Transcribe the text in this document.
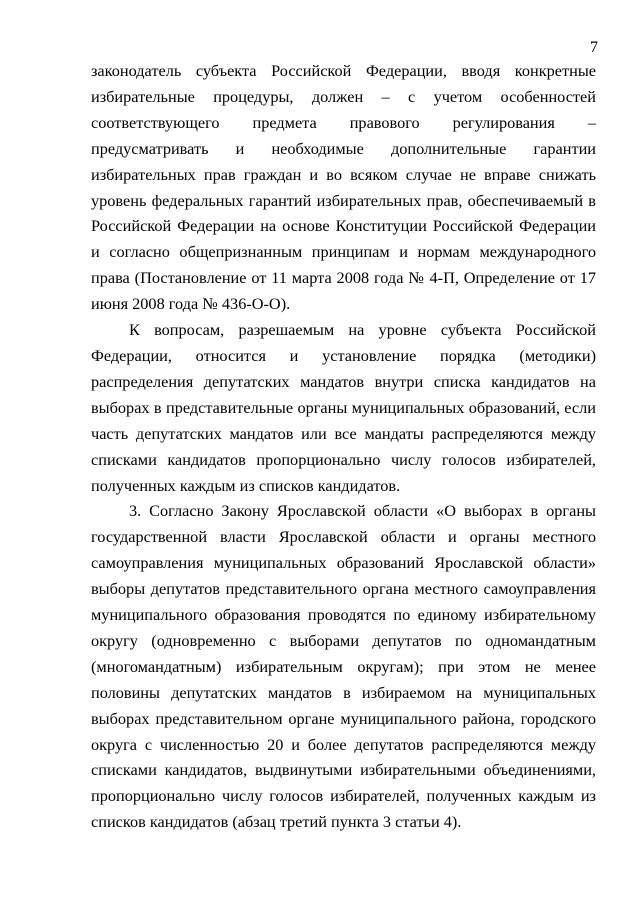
7

законодатель субъекта Российской Федерации, вводя конкретные избирательные процедуры, должен – с учетом особенностей соответствующего предмета правового регулирования – предусматривать и необходимые дополнительные гарантии избирательных прав граждан и во всяком случае не вправе снижать уровень федеральных гарантий избирательных прав, обеспечиваемый в Российской Федерации на основе Конституции Российской Федерации и согласно общепризнанным принципам и нормам международного права (Постановление от 11 марта 2008 года № 4-П, Определение от 17 июня 2008 года № 436-О-О).

К вопросам, разрешаемым на уровне субъекта Российской Федерации, относится и установление порядка (методики) распределения депутатских мандатов внутри списка кандидатов на выборах в представительные органы муниципальных образований, если часть депутатских мандатов или все мандаты распределяются между списками кандидатов пропорционально числу голосов избирателей, полученных каждым из списков кандидатов.

3. Согласно Закону Ярославской области «О выборах в органы государственной власти Ярославской области и органы местного самоуправления муниципальных образований Ярославской области» выборы депутатов представительного органа местного самоуправления муниципального образования проводятся по единому избирательному округу (одновременно с выборами депутатов по одномандатным (многомандатным) избирательным округам); при этом не менее половины депутатских мандатов в избираемом на муниципальных выборах представительном органе муниципального района, городского округа с численностью 20 и более депутатов распределяются между списками кандидатов, выдвинутыми избирательными объединениями, пропорционально числу голосов избирателей, полученных каждым из списков кандидатов (абзац третий пункта 3 статьи 4).
